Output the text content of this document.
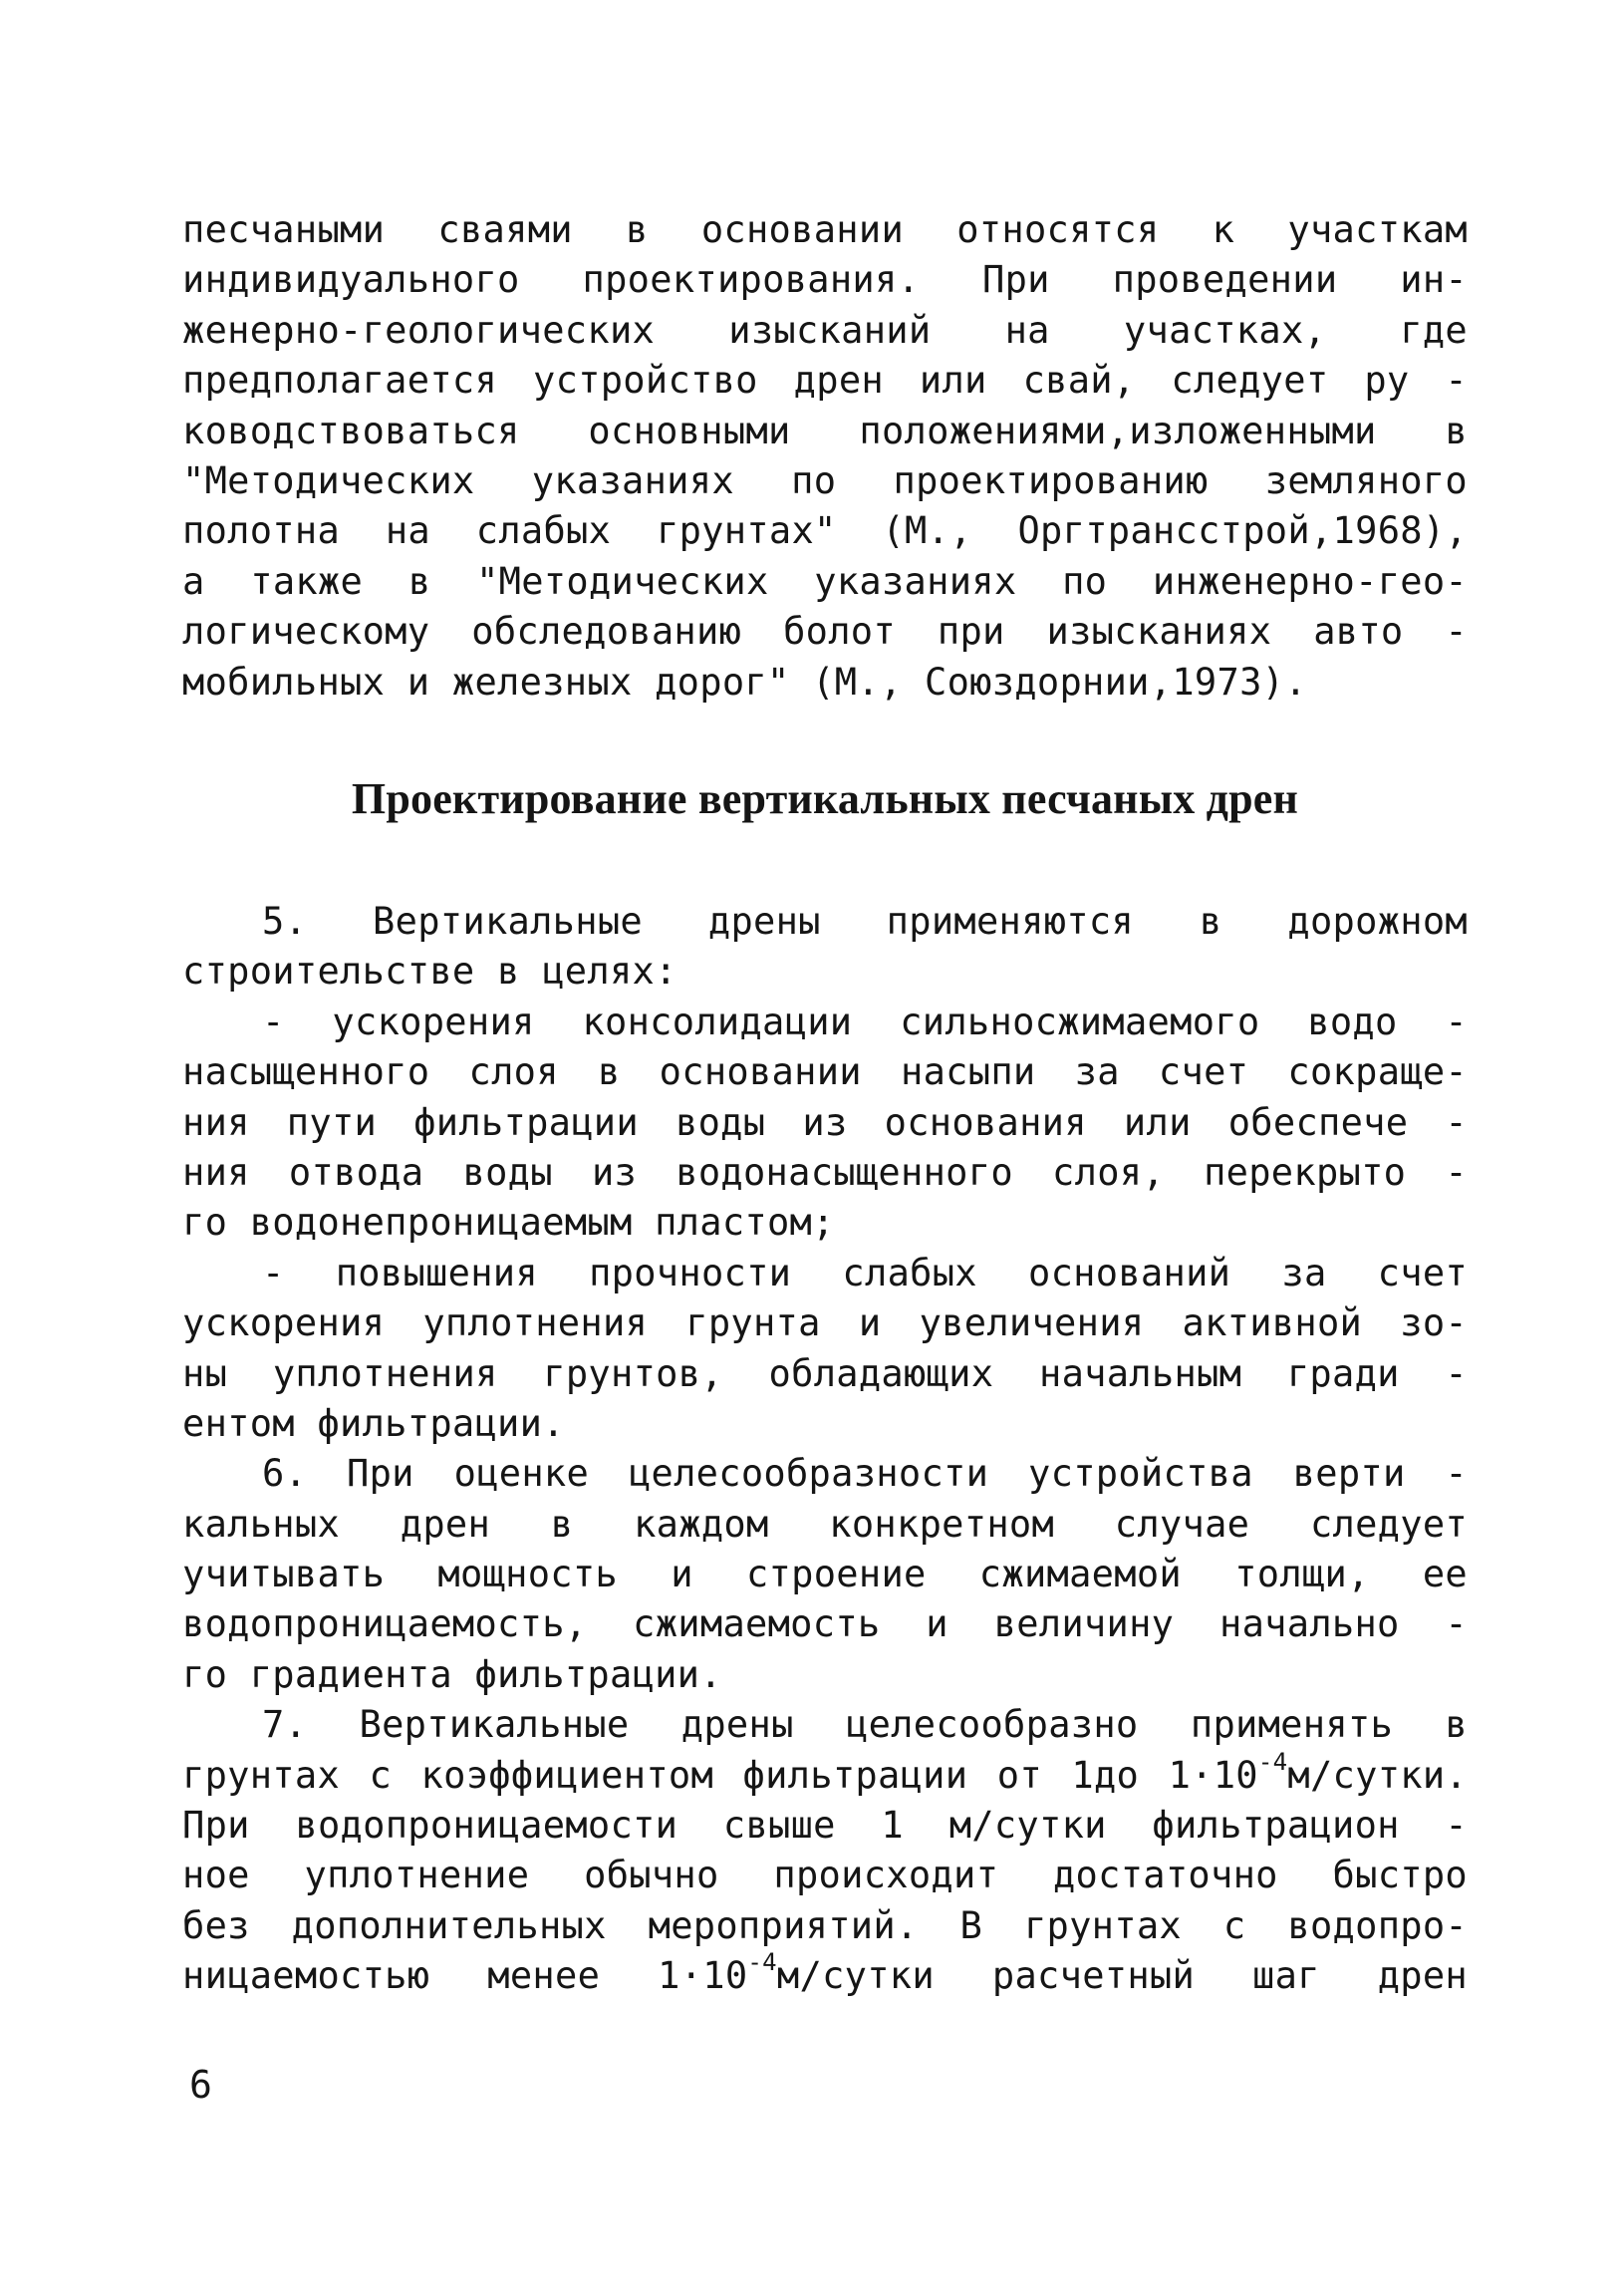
песчаными сваями в основании относятся к участкам
индивидуального проектирования. При проведении ин-
женерно-геологических изысканий на участках, где
предполагается устройство дрен или свай, следует ру -
ководствоваться основными положениями,изложенными в
"Методических указаниях по проектированию земляного
полотна на слабых грунтах" (М., Оргтрансстрой,1968),
а также в "Методических указаниях по инженерно-гео-
логическому обследованию болот при изысканиях авто -
мобильных и железных дорог" (М., Союздорнии,1973).
Проектирование вертикальных песчаных дрен
5. Вертикальные дрены применяются в дорожном
строительстве в целях:
- ускорения консолидации сильносжимаемого водо -
насыщенного слоя в основании насыпи за счет сокраще-
ния пути фильтрации воды из основания или обеспече -
ния отвода воды из водонасыщенного слоя, перекрыто -
го водонепроницаемым пластом;
- повышения прочности слабых оснований за счет
ускорения уплотнения грунта и увеличения активной зо-
ны уплотнения грунтов, обладающих начальным гради -
ентом фильтрации.
6. При оценке целесообразности устройства верти -
кальных дрен в каждом конкретном случае следует
учитывать мощность и строение сжимаемой толщи, ее
водопроницаемость, сжимаемость и величину начально -
го градиента фильтрации.
7. Вертикальные дрены целесообразно применять в
грунтах с коэффициентом фильтрации от 1до $1\cdot 10^{-4}м$/сутки.
При водопроницаемости свыше 1 м/сутки фильтрацион -
ное уплотнение обычно происходит достаточно быстро
без дополнительных мероприятий. В грунтах с водопро-
ницаемостью менее $1\cdot 10^{-4}м$/сутки расчетный шаг дрен
6
